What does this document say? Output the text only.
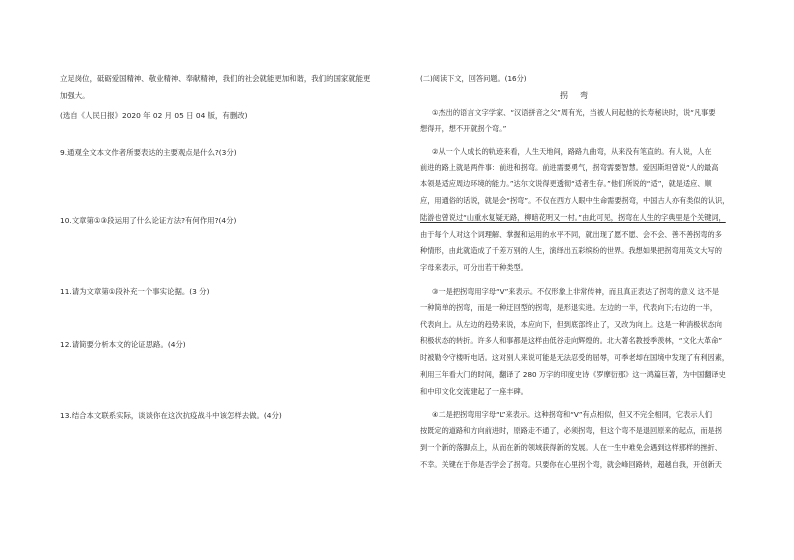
立足岗位，砥砺爱国精神、敬业精神、奉献精神，我们的社会就能更加和谐，我们的国家就能更
加强大。
(选自《人民日报》2020 年 02 月 05 日 04 版，有删改)
9.通观全文本文作者所要表达的主要观点是什么?(3分)
10.文章第①③段运用了什么论证方法?有何作用?(4分)
11.请为文章第①段补充一个事实论据。(3 分)
12.请简要分析本文的论证思路。(4分)
13.结合本文联系实际，谈谈你在这次抗疫战斗中该怎样去做。(4分)
(二)阅读下文，回答问题。(16分)
拐弯
①杰出的语言文字学家、“汉语拼音之父”周有光，当被人问起他的长寿秘诀时，说“凡事要
想得开，想不开就拐个弯。”
②从一个人成长的轨迹来看，人生天地间，路路九曲弯，从来没有笔直的。有人说，人在
前进的路上就是两件事：前进和拐弯。前进需要勇气，拐弯需要智慧。爱因斯坦曾说“人的最高
本领是适应周边环境的能力。”达尔文说得更透彻“适者生存。”他们所说的“适”，就是适应、顺
应，用通俗的话说，就是会“拐弯”。不仅在西方人眼中生命需要拐弯，中国古人亦有类似的认识，
陆游也曾说过“山重水复疑无路，柳暗花明又一村。”由此可见，拐弯在人生的字典里是个关键词，
由于每个人对这个词理解、掌握和运用的水平不同，就出现了愿不愿、会不会、善不善拐弯的多
种情形，由此就造成了千差万别的人生，演绎出五彩缤纷的世界。我想如果把拐弯用英文大写的
字母来表示，可分出若干种类型。
③一是把拐弯用字母“V”来表示。不仅形象上非常传神，而且真正表达了拐弯的意义 这不是
一种简单的拐弯，而是一种迂回型的拐弯，是形退实进。左边的一半，代表向下;右边的一半，
代表向上。从左边的趋势来说，本应向下，但到底部终止了，又改为向上。这是一种消极状态向
积极状态的转折。许多人和事都是这样由低谷走向辉煌的。北大著名教授季羡林，“文化大革命”
时被勒令守楼听电话。这对别人来说可能是无法忍受的屈辱，可季老却在国境中发现了有利因素，
利用三年看大门的时间，翻译了 280 万字的印度史诗《罗摩衍那》这一鸿篇巨著，为中国翻译史
和中印文化交流建起了一座丰碑。
④二是把拐弯用字母“L”来表示。这种拐弯和“V”有点相似，但又不完全相同，它表示人们
按既定的道路和方向前进时，原路走不通了，必须拐弯，但这个弯不是退回原来的起点，而是拐
到一个新的落脚点上，从而在新的领域获得新的发展。人在一生中难免会遇到这样那样的挫折、
不幸。关键在于你是否学会了拐弯。只要你在心里拐个弯，就会峰回路转，超越自我，开创新天
